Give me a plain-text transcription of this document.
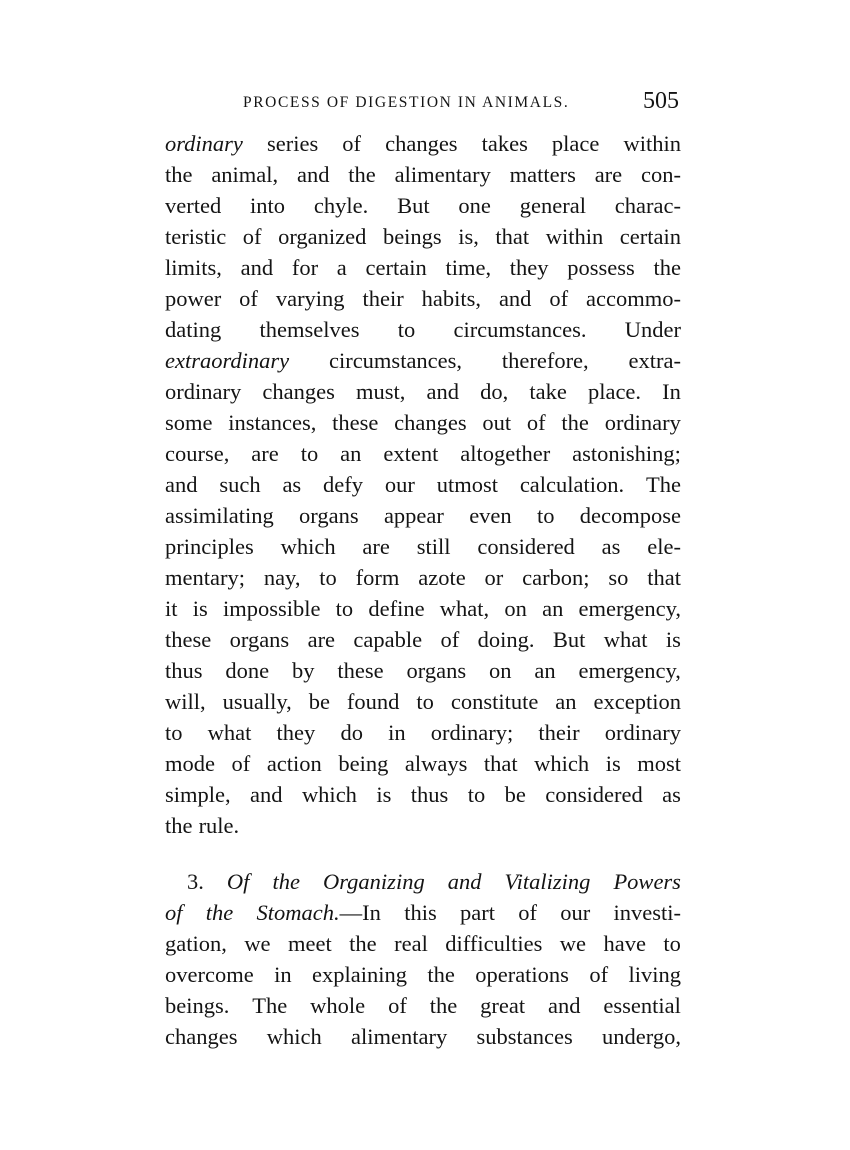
PROCESS OF DIGESTION IN ANIMALS.	505
ordinary series of changes takes place within
the animal, and the alimentary matters are con-
verted into chyle. But one general charac-
teristic of organized beings is, that within certain
limits, and for a certain time, they possess the
power of varying their habits, and of accommo-
dating themselves to circumstances. Under
extraordinary circumstances, therefore, extra-
ordinary changes must, and do, take place. In
some instances, these changes out of the ordinary
course, are to an extent altogether astonishing;
and such as defy our utmost calculation. The
assimilating organs appear even to decompose
principles which are still considered as ele-
mentary; nay, to form azote or carbon; so that
it is impossible to define what, on an emergency,
these organs are capable of doing. But what is
thus done by these organs on an emergency,
will, usually, be found to constitute an exception
to what they do in ordinary; their ordinary
mode of action being always that which is most
simple, and which is thus to be considered as
the rule.
3. Of the Organizing and Vitalizing Powers
of the Stomach.—In this part of our investi-
gation, we meet the real difficulties we have to
overcome in explaining the operations of living
beings. The whole of the great and essential
changes which alimentary substances undergo,
